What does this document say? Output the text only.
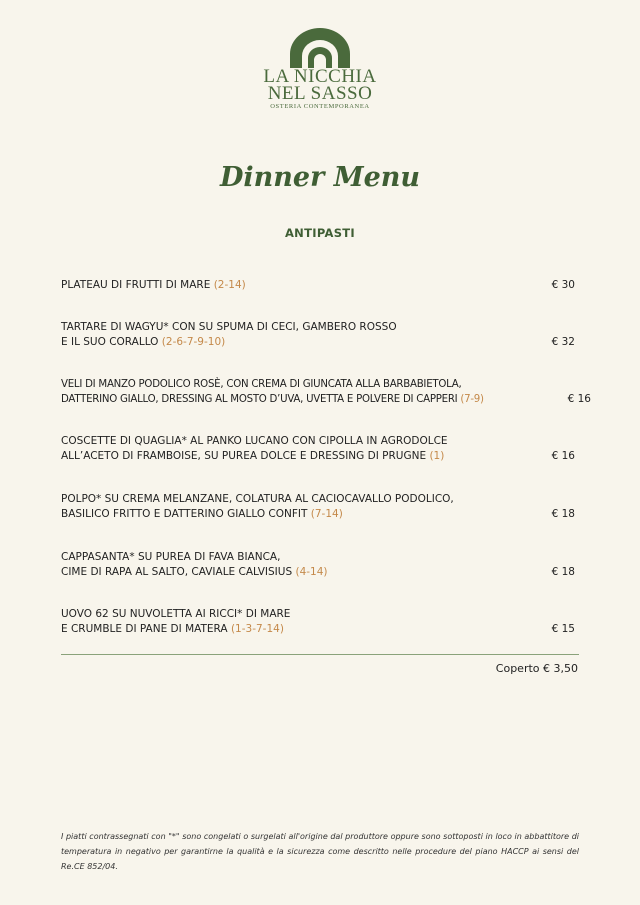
LA NICCHIA
NEL SASSO
OSTERIA CONTEMPORANEA
Dinner Menu
ANTIPASTI
PLATEAU DI FRUTTI DI MARE (2-14)	€ 30
TARTARE DI WAGYU* CON SU SPUMA DI CECI, GAMBERO ROSSO
E IL SUO CORALLO (2-6-7-9-10)	€ 32
VELI DI MANZO PODOLICO ROSÈ, CON CREMA DI GIUNCATA ALLA BARBABIETOLA,
DATTERINO GIALLO, DRESSING AL MOSTO D’UVA, UVETTA E POLVERE DI CAPPERI (7-9)	€ 16
COSCETTE DI QUAGLIA* AL PANKO LUCANO CON CIPOLLA IN AGRODOLCE
ALL’ACETO DI FRAMBOISE, SU PUREA DOLCE E DRESSING DI PRUGNE (1)	€ 16
POLPO* SU CREMA MELANZANE, COLATURA AL CACIOCAVALLO PODOLICO,
BASILICO FRITTO E DATTERINO GIALLO CONFIT (7-14)	€ 18
CAPPASANTA* SU PUREA DI FAVA BIANCA,
CIME DI RAPA AL SALTO, CAVIALE CALVISIUS (4-14)	€ 18
UOVO 62 SU NUVOLETTA AI RICCI* DI MARE
E CRUMBLE DI PANE DI MATERA (1-3-7-14)	€ 15
Coperto € 3,50
I piatti contrassegnati con "*" sono congelati o surgelati all'origine dal produttore oppure sono sottoposti in loco in abbattitore di temperatura in negativo per garantirne la qualità e la sicurezza come descritto nelle procedure del piano HACCP ai sensi del Re.CE 852/04.
